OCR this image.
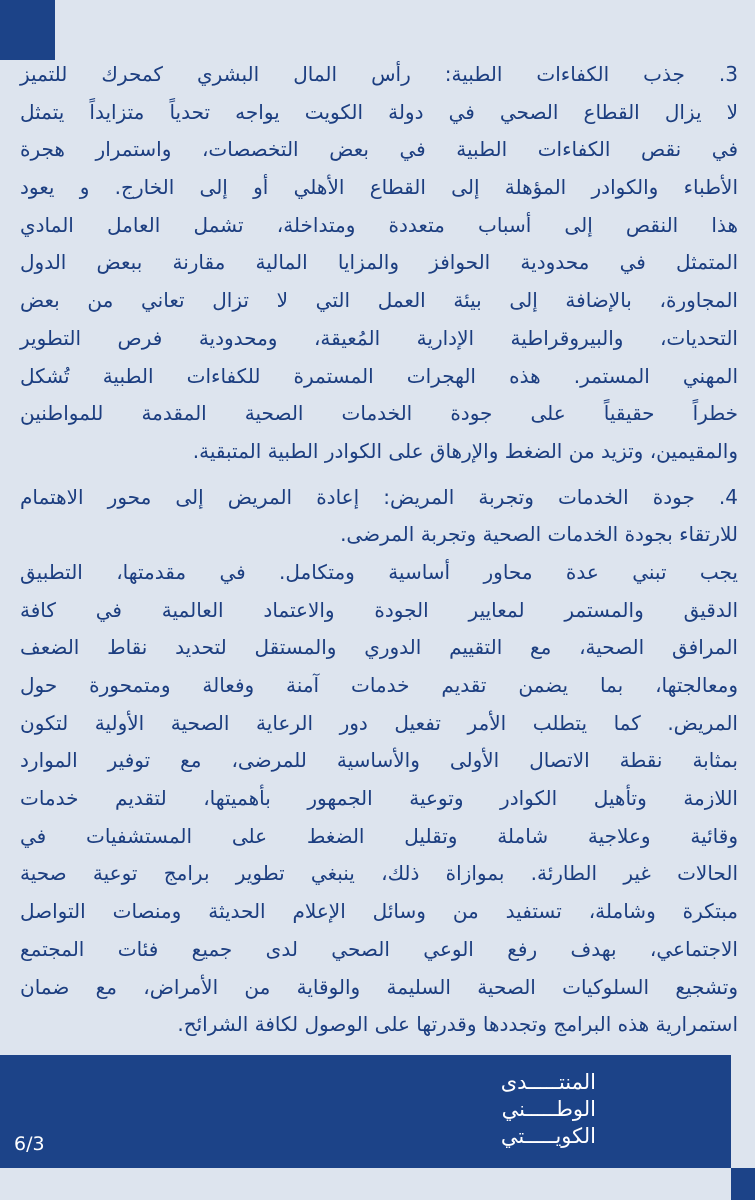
3. جذب الكفاءات الطبية: رأس المال البشري كمحرك للتميز
لا يزال القطاع الصحي في دولة الكويت يواجه تحدياً متزايداً يتمثل
في نقص الكفاءات الطبية في بعض التخصصات، واستمرار هجرة
الأطباء والكوادر المؤهلة إلى القطاع الأهلي أو إلى الخارج. و يعود
هذا النقص إلى أسباب متعددة ومتداخلة، تشمل العامل المادي
المتمثل في محدودية الحوافز والمزايا المالية مقارنة ببعض الدول
المجاورة، بالإضافة إلى بيئة العمل التي لا تزال تعاني من بعض
التحديات، والبيروقراطية الإدارية المُعيقة، ومحدودية فرص التطوير
المهني المستمر. هذه الهجرات المستمرة للكفاءات الطبية تُشكل
خطراً حقيقياً على جودة الخدمات الصحية المقدمة للمواطنين
والمقيمين، وتزيد من الضغط والإرهاق على الكوادر الطبية المتبقية.
4. جودة الخدمات وتجربة المريض: إعادة المريض إلى محور الاهتمام
للارتقاء بجودة الخدمات الصحية وتجربة المرضى.
يجب تبني عدة محاور أساسية ومتكامل. في مقدمتها، التطبيق
الدقيق والمستمر لمعايير الجودة والاعتماد العالمية في كافة
المرافق الصحية، مع التقييم الدوري والمستقل لتحديد نقاط الضعف
ومعالجتها، بما يضمن تقديم خدمات آمنة وفعالة ومتمحورة حول
المريض. كما يتطلب الأمر تفعيل دور الرعاية الصحية الأولية لتكون
بمثابة نقطة الاتصال الأولى والأساسية للمرضى، مع توفير الموارد
اللازمة وتأهيل الكوادر وتوعية الجمهور بأهميتها، لتقديم خدمات
وقائية وعلاجية شاملة وتقليل الضغط على المستشفيات في
الحالات غير الطارئة. بموازاة ذلك، ينبغي تطوير برامج توعية صحية
مبتكرة وشاملة، تستفيد من وسائل الإعلام الحديثة ومنصات التواصل
الاجتماعي، بهدف رفع الوعي الصحي لدى جميع فئات المجتمع
وتشجيع السلوكيات الصحية السليمة والوقاية من الأمراض، مع ضمان
استمرارية هذه البرامج وتجددها وقدرتها على الوصول لكافة الشرائح.
المنتـــــدى
الوطـــــني
الكويـــــتي
6/3
